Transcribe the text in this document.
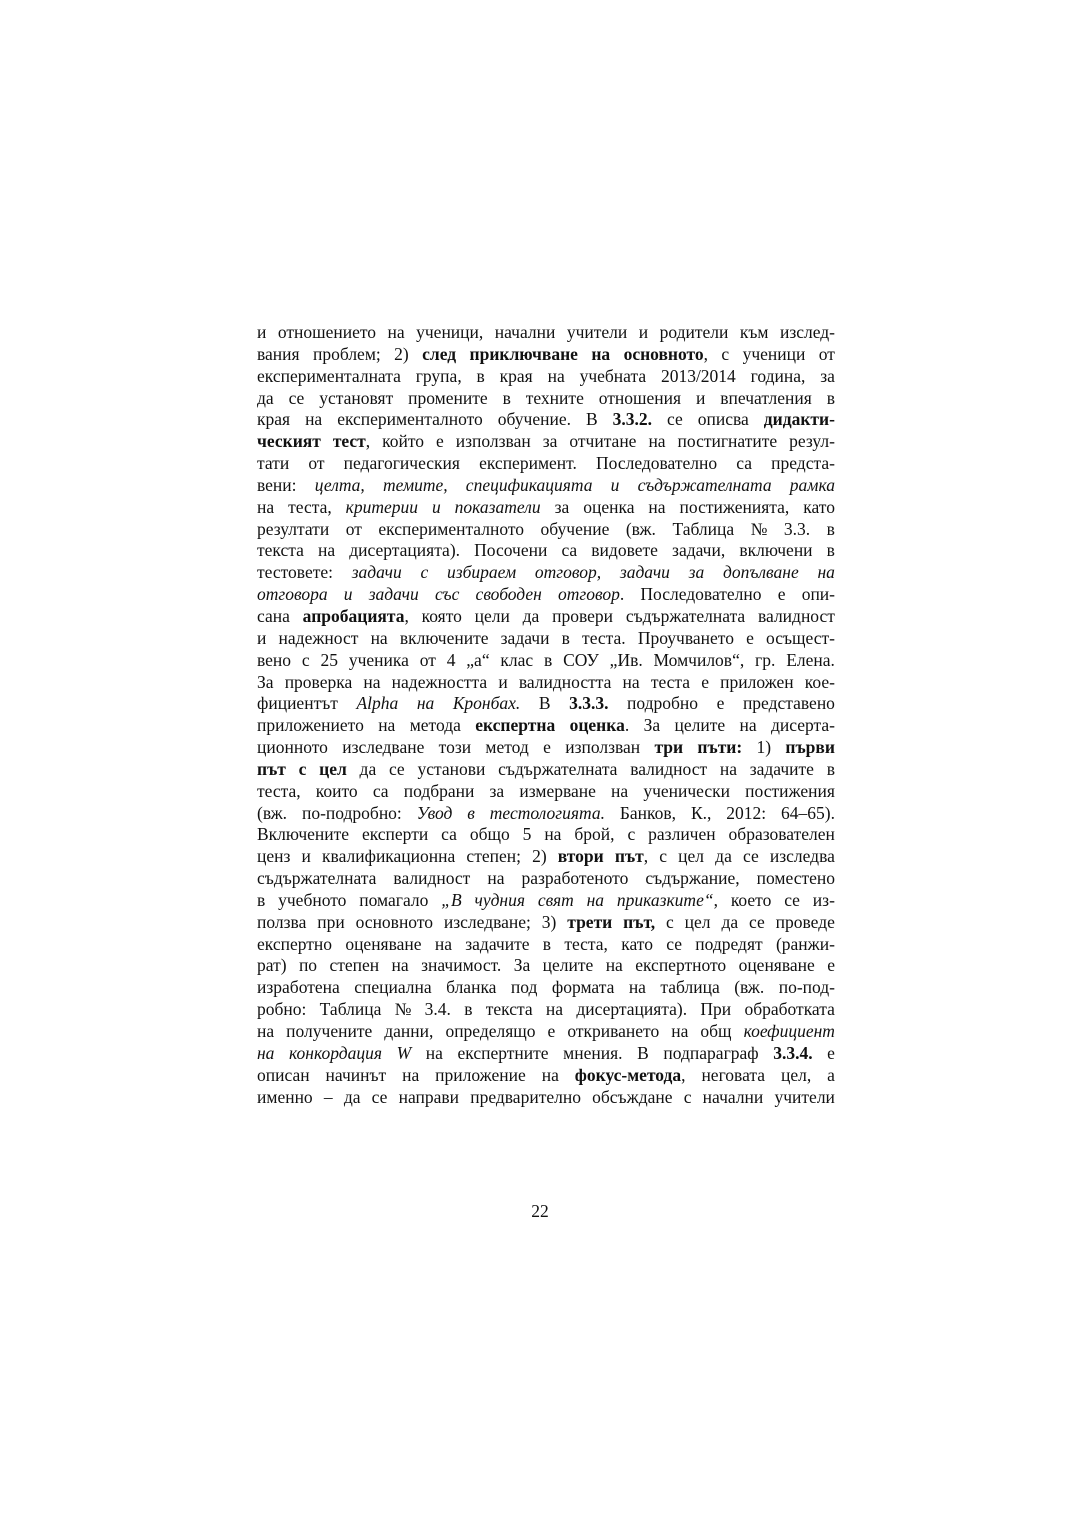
и отношението на ученици, начални учители и родители към изслед-
вания проблем; 2) след приключване на основното, с ученици от
експерименталната група, в края на учебната 2013/2014 година, за
да се установят промените в техните отношения и впечатления в
края на експерименталното обучение. В 3.3.2. се описва дидакти-
ческият тест, който е използван за отчитане на постигнатите резул-
тати от педагогическия експеримент. Последователно са предста-
вени: целта, темите, спецификацията и съдържателната рамка
на теста, критерии и показатели за оценка на постиженията, като
резултати от експерименталното обучение (вж. Таблица № 3.3. в
текста на дисертацията). Посочени са видовете задачи, включени в
тестовете: задачи с избираем отговор, задачи за допълване на
отговора и задачи със свободен отговор. Последователно е опи-
сана апробацията, която цели да провери съдържателната валидност
и надежност на включените задачи в теста. Проучването е осъщест-
вено с 25 ученика от 4 „а“ клас в СОУ „Ив. Момчилов“, гр. Елена.
За проверка на надежността и валидността на теста е приложен кое-
фициентът Alpha на Кронбах. В 3.3.3. подробно е представено
приложението на метода експертна оценка. За целите на дисерта-
ционното изследване този метод е използван три пъти: 1) първи
път с цел да се установи съдържателната валидност на задачите в
теста, които са подбрани за измерване на ученически постижения
(вж. по-подробно: Увод в тестологията. Банков, К., 2012: 64–65).
Включените експерти са общо 5 на брой, с различен образователен
ценз и квалификационна степен; 2) втори път, с цел да се изследва
съдържателната валидност на разработеното съдържание, поместено
в учебното помагало „В чудния свят на приказките“, което се из-
ползва при основното изследване; 3) трети път, с цел да се проведе
експертно оценяване на задачите в теста, като се подредят (ранжи-
рат) по степен на значимост. За целите на експертното оценяване е
изработена специална бланка под формата на таблица (вж. по-под-
робно: Таблица № 3.4. в текста на дисертацията). При обработката
на получените данни, определящо е откриването на общ коефициент
на конкордация W на експертните мнения. В подпараграф 3.3.4. е
описан начинът на приложение на фокус-метода, неговата цел, а
именно – да се направи предварително обсъждане с начални учители
22
